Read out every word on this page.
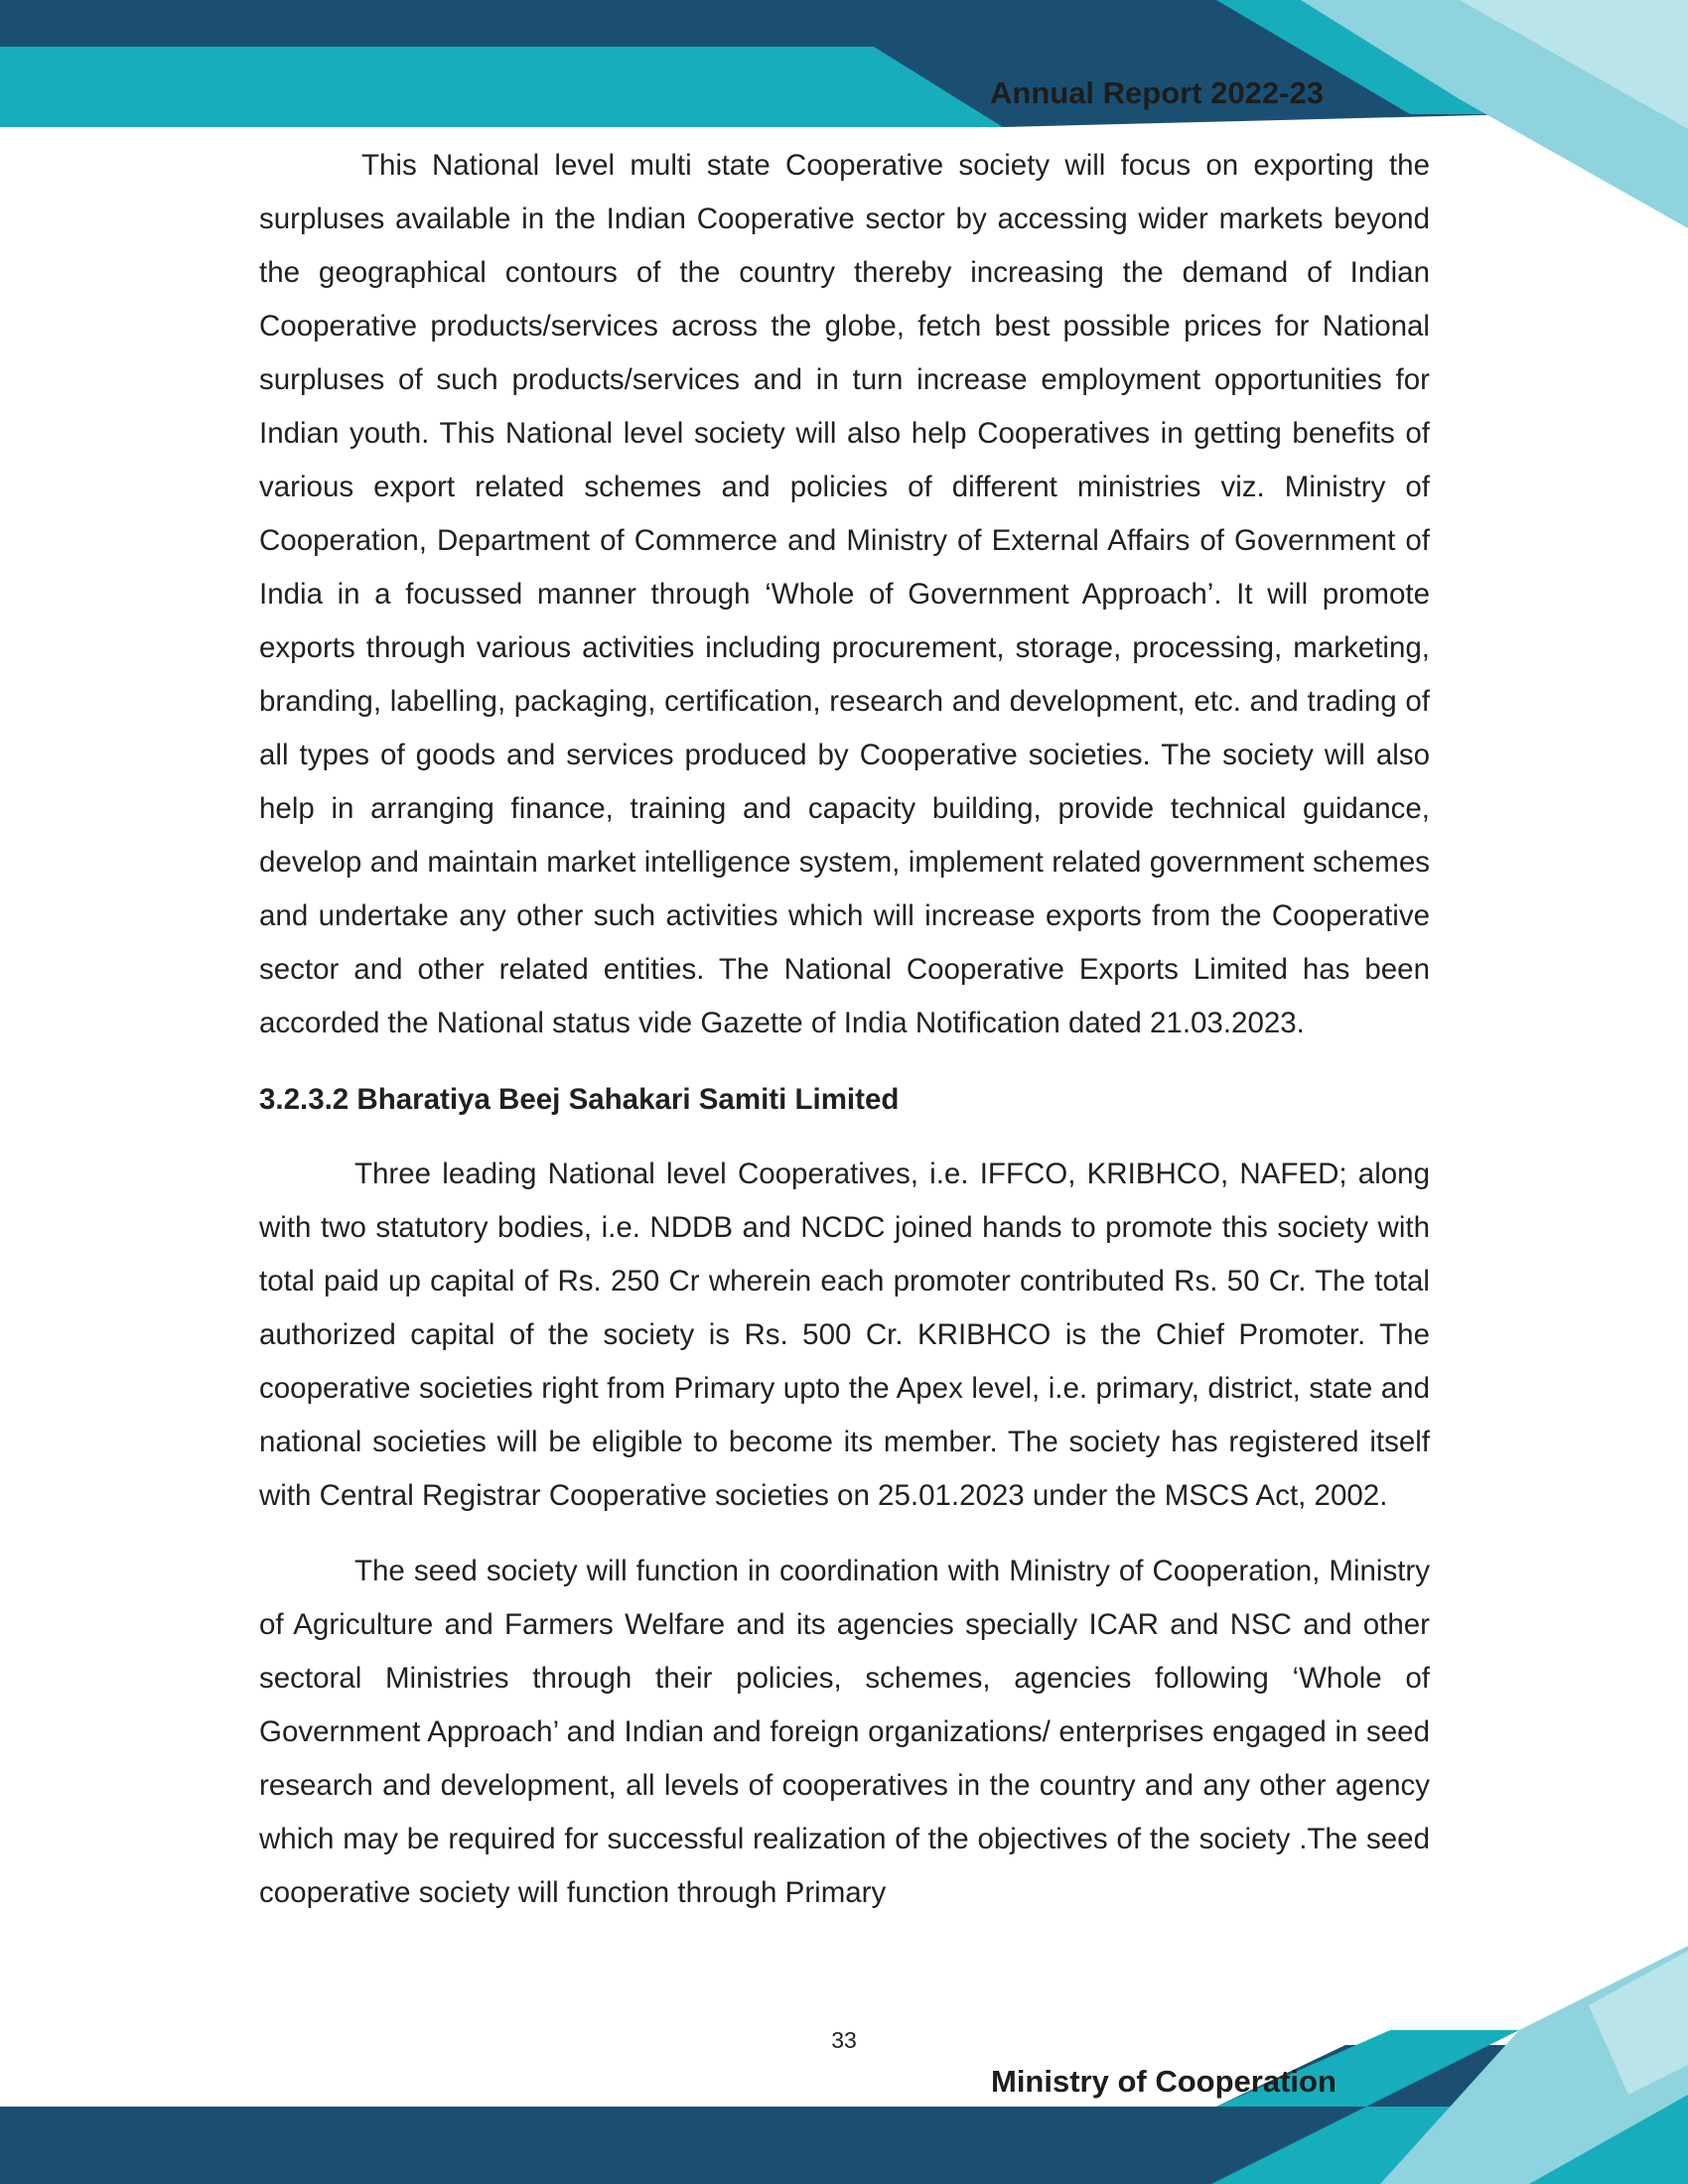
Annual Report 2022-23

This National level multi state Cooperative society will focus on exporting the surpluses available in the Indian Cooperative sector by accessing wider markets beyond the geographical contours of the country thereby increasing the demand of Indian Cooperative products/services across the globe, fetch best possible prices for National surpluses of such products/services and in turn increase employment opportunities for Indian youth. This National level society will also help Cooperatives in getting benefits of various export related schemes and policies of different ministries viz. Ministry of Cooperation, Department of Commerce and Ministry of External Affairs of Government of India in a focussed manner through ‘Whole of Government Approach’. It will promote exports through various activities including procurement, storage, processing, marketing, branding, labelling, packaging, certification, research and development, etc. and trading of all types of goods and services produced by Cooperative societies. The society will also help in arranging finance, training and capacity building, provide technical guidance, develop and maintain market intelligence system, implement related government schemes and undertake any other such activities which will increase exports from the Cooperative sector and other related entities. The National Cooperative Exports Limited has been accorded the National status vide Gazette of India Notification dated 21.03.2023.

3.2.3.2 Bharatiya Beej Sahakari Samiti Limited

Three leading National level Cooperatives, i.e. IFFCO, KRIBHCO, NAFED; along with two statutory bodies, i.e. NDDB and NCDC joined hands to promote this society with total paid up capital of Rs. 250 Cr wherein each promoter contributed Rs. 50 Cr. The total authorized capital of the society is Rs. 500 Cr. KRIBHCO is the Chief Promoter. The cooperative societies right from Primary upto the Apex level, i.e. primary, district, state and national societies will be eligible to become its member. The society has registered itself with Central Registrar Cooperative societies on 25.01.2023 under the MSCS Act, 2002.

The seed society will function in coordination with Ministry of Cooperation, Ministry of Agriculture and Farmers Welfare and its agencies specially ICAR and NSC and other sectoral Ministries through their policies, schemes, agencies following ‘Whole of Government Approach’ and Indian and foreign organizations/ enterprises engaged in seed research and development, all levels of cooperatives in the country and any other agency which may be required for successful realization of the objectives of the society .The seed cooperative society will function through Primary

33
Ministry of Cooperation
